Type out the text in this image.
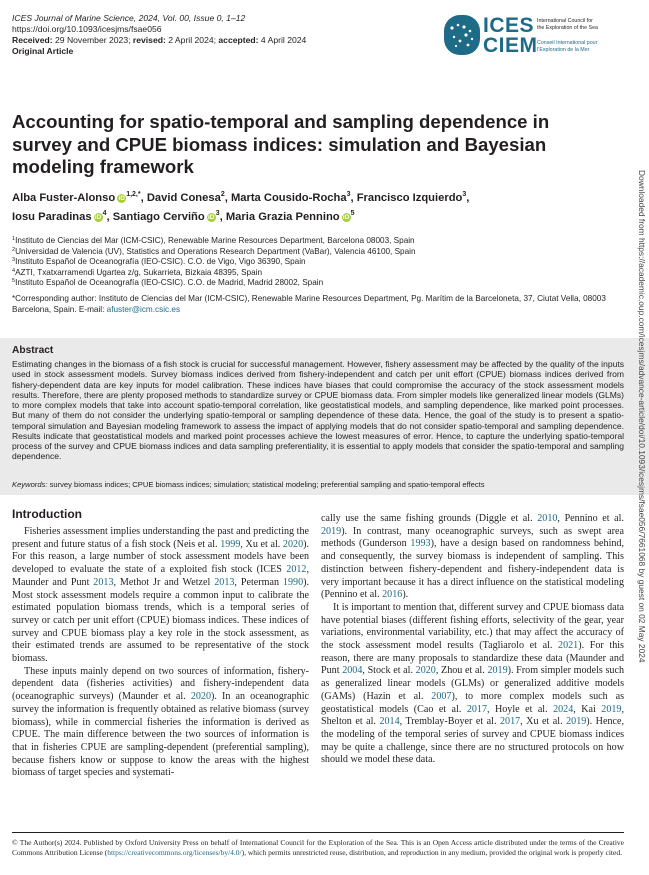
ICES Journal of Marine Science, 2024, Vol. 00, Issue 0, 1–12
https://doi.org/10.1093/icesjms/fsae056
Received: 29 November 2023; revised: 2 April 2024; accepted: 4 April 2024
Original Article
ICES
CIEM
International Council for
the Exploration of the Sea
Conseil International pour
l’Exploration de la Mer
Accounting for spatio-temporal and sampling dependence in survey and CPUE biomass indices: simulation and Bayesian modeling framework
Alba Fuster-Alonso $iD^{1,2,*}$, David Conesa$^2$, Marta Cousido-Rocha$^3$, Francisco Izquierdo$^3$,
Iosu Paradinas $iD^4$, Santiago Cerviño $iD^3$, Maria Grazia Pennino $iD^5$
$^1$Instituto de Ciencias del Mar (ICM-CSIC), Renewable Marine Resources Department, Barcelona 08003, Spain
$^2$Universidad de Valencia (UV), Statistics and Operations Research Department (VaBar), Valencia 46100, Spain
$^3$Instituto Español de Oceanografía (IEO-CSIC). C.O. de Vigo, Vigo 36390, Spain
$^4$AZTI, Txatxarramendi Ugartea z/g, Sukarrieta, Bizkaia 48395, Spain
$^5$Instituto Español de Oceanografía (IEO-CSIC). C.O. de Madrid, Madrid 28002, Spain
*Corresponding author: Instituto de Ciencias del Mar (ICM-CSIC), Renewable Marine Resources Department, Pg. Marítim de la Barceloneta, 37, Ciutat Vella, 08003 Barcelona, Spain. E-mail: afuster@icm.csic.es
Abstract
Estimating changes in the biomass of a fish stock is crucial for successful management. However, fishery assessment may be affected by the quality of the inputs used in stock assessment models. Survey biomass indices derived from fishery-independent and catch per unit effort (CPUE) biomass indices derived from fishery-dependent data are key inputs for model calibration. These indices have biases that could compromise the accuracy of the stock assessment models results. Therefore, there are plenty proposed methods to standardize survey or CPUE biomass data. From simpler models like generalized linear models (GLMs) to more complex models that take into account spatio-temporal correlation, like geostatistical models, and sampling dependence, like marked point processes. But many of them do not consider the underlying spatio-temporal or sampling dependence of these data. Hence, the goal of the study is to present a spatio-temporal simulation and Bayesian modeling framework to assess the impact of applying models that do not consider spatio-temporal and sampling dependence. Results indicate that geostatistical models and marked point processes achieve the lowest measures of error. Hence, to capture the underlying spatio-temporal process of the survey and CPUE biomass indices and data sampling preferentiality, it is essential to apply models that consider the spatio-temporal and sampling dependence.
Keywords: survey biomass indices; CPUE biomass indices; simulation; statistical modeling; preferential sampling and spatio-temporal effects
Introduction

Fisheries assessment implies understanding the past and predicting the present and future status of a fish stock (Neis et al. 1999, Xu et al. 2020). For this reason, a large number of stock assessment models have been developed to evaluate the state of a exploited fish stock (ICES 2012, Maunder and Punt 2013, Methot Jr and Wetzel 2013, Peterman 1990). Most stock assessment models require a common input to calibrate the estimated population biomass trends, which is a temporal series of survey or catch per unit effort (CPUE) biomass indices. These indices of survey and CPUE biomass play a key role in the stock assessment, as their estimated trends are assumed to be representative of the stock biomass.

These inputs mainly depend on two sources of information, fishery-dependent data (fisheries activities) and fishery-independent data (oceanographic surveys) (Maunder et al. 2020). In an oceanographic survey the information is frequently obtained as relative biomass (survey biomass), while in commercial fisheries the information is derived as CPUE. The main difference between the two sources of information is that in fisheries CPUE are sampling-dependent (preferential sampling), because fishers know or suppose to know the areas with the highest biomass of target species and systemati-

cally use the same fishing grounds (Diggle et al. 2010, Pennino et al. 2019). In contrast, many oceanographic surveys, such as swept area methods (Gunderson 1993), have a design based on randomness behind, and consequently, the survey biomass is independent of sampling. This distinction between fishery-dependent and fishery-independent data is very important because it has a direct influence on the statistical modeling (Pennino et al. 2016).

It is important to mention that, different survey and CPUE biomass data have potential biases (different fishing efforts, selectivity of the gear, year variations, environmental variability, etc.) that may affect the accuracy of the stock assessment model results (Tagliarolo et al. 2021). For this reason, there are many proposals to standardize these data (Maunder and Punt 2004, Stock et al. 2020, Zhou et al. 2019). From simpler models such as generalized linear models (GLMs) or generalized additive models (GAMs) (Hazin et al. 2007), to more complex models such as geostatistical models (Cao et al. 2017, Hoyle et al. 2024, Kai 2019, Shelton et al. 2014, Tremblay-Boyer et al. 2017, Xu et al. 2019). Hence, the modeling of the temporal series of survey and CPUE biomass indices may be quite a challenge, since there are no structured protocols on how should we model these data.

© The Author(s) 2024. Published by Oxford University Press on behalf of International Council for the Exploration of the Sea. This is an Open Access article distributed under the terms of the Creative Commons Attribution License (https://creativecommons.org/licenses/by/4.0/), which permits unrestricted reuse, distribution, and reproduction in any medium, provided the original work is properly cited.
Downloaded from https://academic.oup.com/icesjms/advance-article/doi/10.1093/icesjms/fsae056/7661068 by guest on 02 May 2024
